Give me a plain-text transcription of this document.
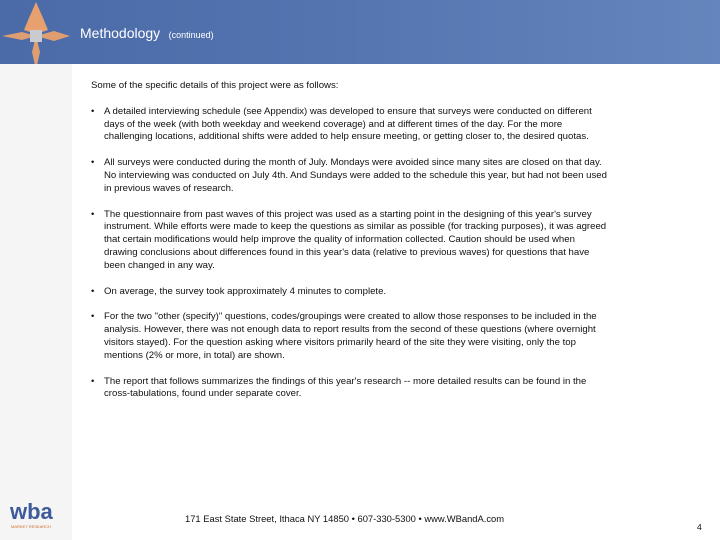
Methodology (continued)

Some of the specific details of this project were as follows:

• A detailed interviewing schedule (see Appendix) was developed to ensure that surveys were conducted on different
days of the week (with both weekday and weekend coverage) and at different times of the day. For the more
challenging locations, additional shifts were added to help ensure meeting, or getting closer to, the desired quotas.
• All surveys were conducted during the month of July. Mondays were avoided since many sites are closed on that day.
No interviewing was conducted on July 4th. And Sundays were added to the schedule this year, but had not been used
in previous waves of research.
• The questionnaire from past waves of this project was used as a starting point in the designing of this year's survey
instrument. While efforts were made to keep the questions as similar as possible (for tracking purposes), it was agreed
that certain modifications would help improve the quality of information collected. Caution should be used when
drawing conclusions about differences found in this year's data (relative to previous waves) for questions that have
been changed in any way.
• On average, the survey took approximately 4 minutes to complete.
• For the two "other (specify)" questions, codes/groupings were created to allow those responses to be included in the
analysis. However, there was not enough data to report results from the second of these questions (where overnight
visitors stayed). For the question asking where visitors primarily heard of the site they were visiting, only the top
mentions (2% or more, in total) are shown.
• The report that follows summarizes the findings of this year's research -- more detailed results can be found in the
cross-tabulations, found under separate cover.
wba
MARKET RESEARCH
171 East State Street, Ithaca NY 14850 • 607-330-5300 • www.WBandA.com
4
